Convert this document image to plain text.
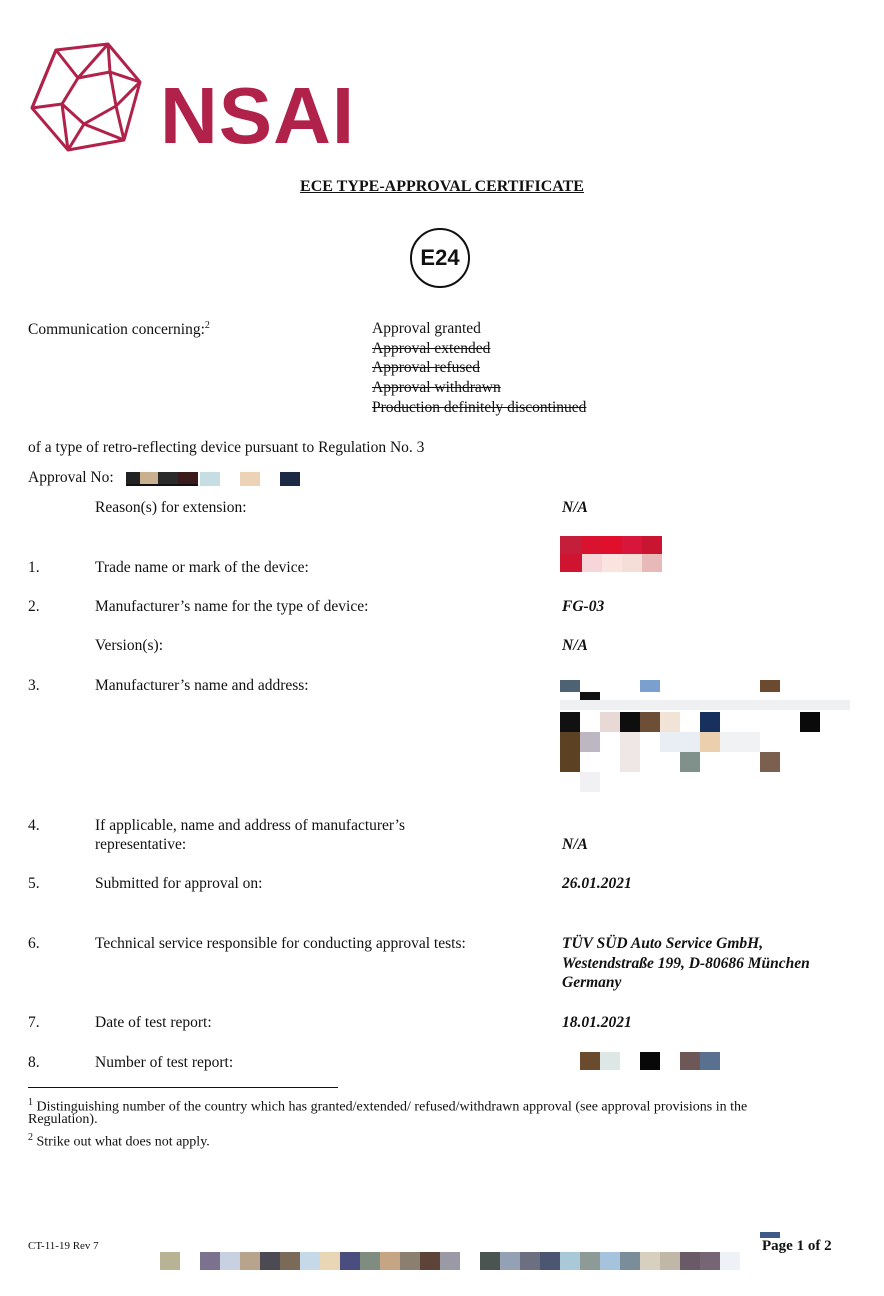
NSAI
ECE TYPE-APPROVAL CERTIFICATE
E24
Communication concerning:$^2$	Approval granted
Approval extended
Approval refused
Approval withdrawn
Production definitely discontinued
of a type of retro-reflecting device pursuant to Regulation No. 3
Approval No:
Reason(s) for extension:	N/A
1.	Trade name or mark of the device:
2.	Manufacturer’s name for the type of device:	FG-03
Version(s):	N/A
3.	Manufacturer’s name and address:
4.	If applicable, name and address of manufacturer’s
representative:	N/A
5.	Submitted for approval on:	26.01.2021
6.	Technical service responsible for conducting approval tests:	TÜV SÜD Auto Service GmbH,
Westendstraße 199, D-80686 München
Germany
7.	Date of test report:	18.01.2021
8.	Number of test report:
$^1$ Distinguishing number of the country which has granted/extended/ refused/withdrawn approval (see approval provisions in the
Regulation).
$^2$ Strike out what does not apply.
CT-11-19 Rev 7	Page 1 of 2
